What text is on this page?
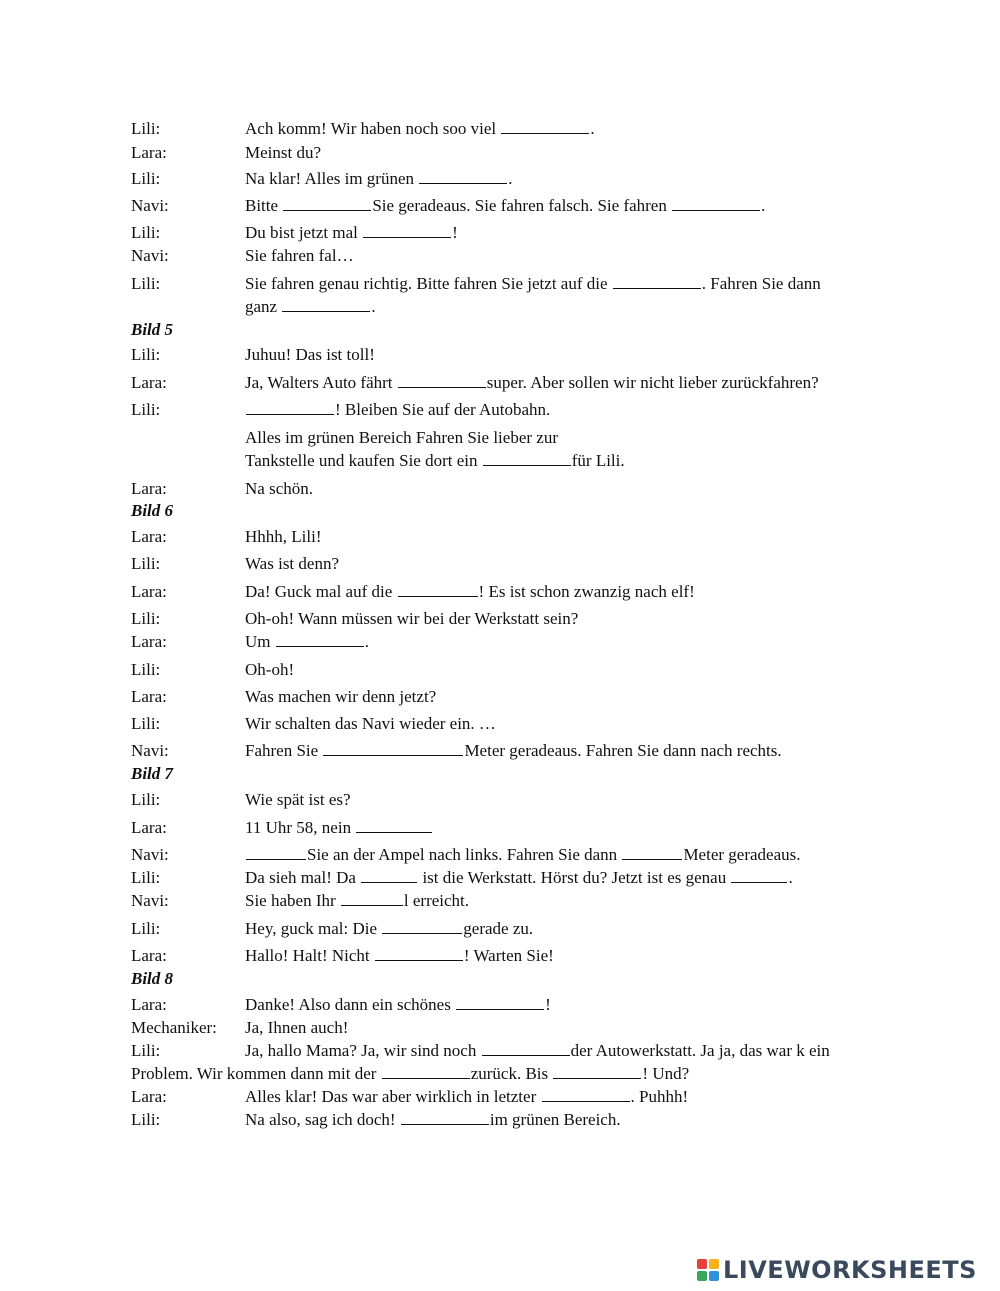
Lili:	Ach komm! Wir haben noch soo viel	.
Lara:	Meinst du?
Lili:	Na klar! Alles im grünen	.
Navi:	Bitte	Sie geradeaus. Sie fahren falsch. Sie fahren	.
Lili:	Du bist jetzt mal	!
Navi:	Sie fahren fal…
Lili:	Sie fahren genau richtig. Bitte fahren Sie jetzt auf die	. Fahren Sie dann
ganz	.
Bild 5
Lili:	Juhuu! Das ist toll!
Lara:	Ja, Walters Auto fährt	super. Aber sollen wir nicht lieber zurückfahren?
Lili:	! Bleiben Sie auf der Autobahn.
Alles im grünen Bereich Fahren Sie lieber zur
Tankstelle und kaufen Sie dort ein	für Lili.
Lara:	Na schön.
Bild 6
Lara:	Hhhh, Lili!
Lili:	Was ist denn?
Lara:	Da! Guck mal auf die	! Es ist schon zwanzig nach elf!
Lili:	Oh-oh! Wann müssen wir bei der Werkstatt sein?
Lara:	Um	.
Lili:	Oh-oh!
Lara:	Was machen wir denn jetzt?
Lili:	Wir schalten das Navi wieder ein. …
Navi:	Fahren Sie	Meter geradeaus. Fahren Sie dann nach rechts.
Bild 7
Lili:	Wie spät ist es?
Lara:	11 Uhr 58, nein
Navi:	Sie an der Ampel nach links. Fahren Sie dann	Meter geradeaus.
Lili:	Da sieh mal! Da	ist die Werkstatt. Hörst du? Jetzt ist es genau	.
Navi:	Sie haben Ihr	l erreicht.
Lili:	Hey, guck mal: Die	gerade zu.
Lara:	Hallo! Halt! Nicht	! Warten Sie!
Bild 8
Lara:	Danke! Also dann ein schönes	!
Mechaniker: Ja, Ihnen auch!
Lili:	Ja, hallo Mama? Ja, wir sind noch	der Autowerkstatt. Ja ja, das war k ein
Problem. Wir kommen dann mit der	zurück. Bis	! Und?
Lara:	Alles klar! Das war aber wirklich in letzter	. Puhhh!
Lili:	Na also, sag ich doch!	im grünen Bereich.
LIVEWORKSHEETS
